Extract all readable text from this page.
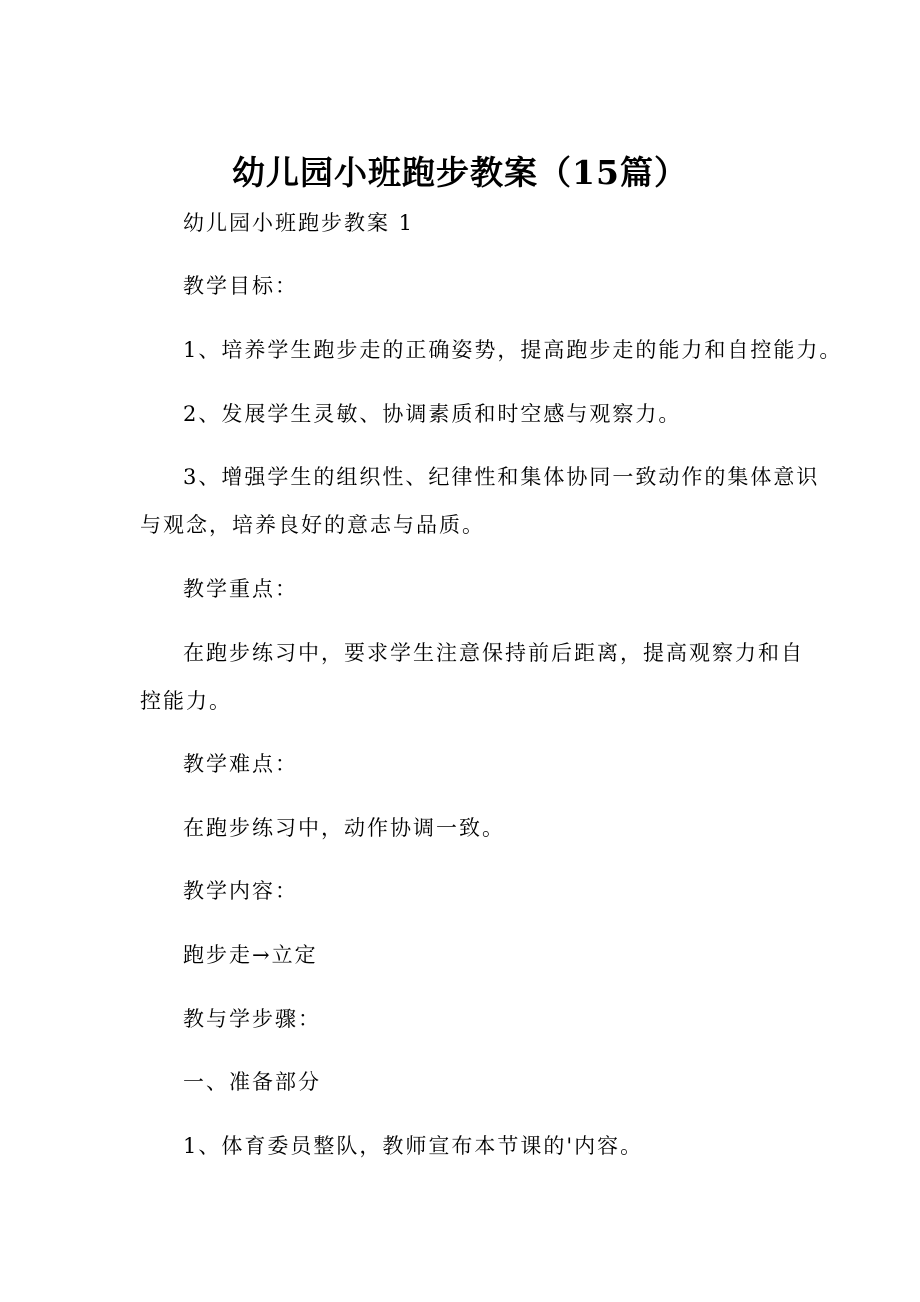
幼儿园小班跑步教案（15篇）

幼儿园小班跑步教案 1

教学目标：

1、培养学生跑步走的正确姿势，提高跑步走的能力和自控能力。

2、发展学生灵敏、协调素质和时空感与观察力。

3、增强学生的组织性、纪律性和集体协同一致动作的集体意识

与观念，培养良好的意志与品质。

教学重点：

在跑步练习中，要求学生注意保持前后距离，提高观察力和自

控能力。

教学难点：

在跑步练习中，动作协调一致。

教学内容：

跑步走→立定

教与学步骤：

一、准备部分

1、体育委员整队，教师宣布本节课的'内容。
